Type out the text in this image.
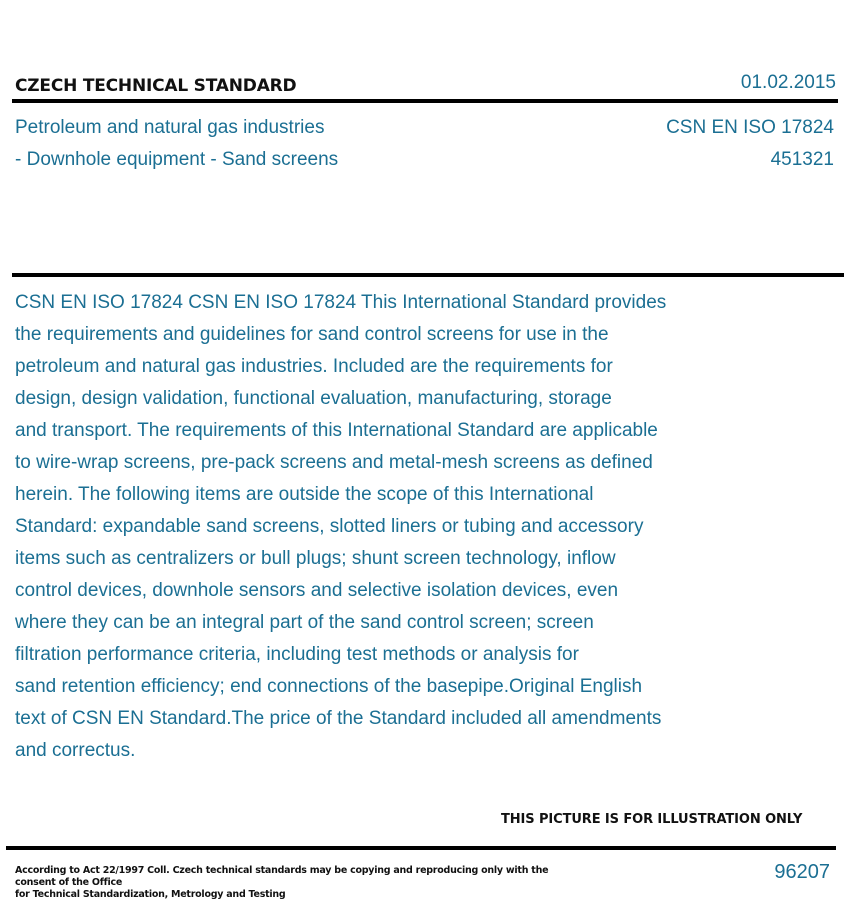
CZECH TECHNICAL STANDARD	01.02.2015
Petroleum and natural gas industries
- Downhole equipment - Sand screens
CSN EN ISO 17824
451321
CSN EN ISO 17824 CSN EN ISO 17824 This International Standard provides
the requirements and guidelines for sand control screens for use in the
petroleum and natural gas industries. Included are the requirements for
design, design validation, functional evaluation, manufacturing, storage
and transport. The requirements of this International Standard are applicable
to wire-wrap screens, pre-pack screens and metal-mesh screens as defined
herein. The following items are outside the scope of this International
Standard: expandable sand screens, slotted liners or tubing and accessory
items such as centralizers or bull plugs; shunt screen technology, inflow
control devices, downhole sensors and selective isolation devices, even
where they can be an integral part of the sand control screen; screen
filtration performance criteria, including test methods or analysis for
sand retention efficiency; end connections of the basepipe.Original English
text of CSN EN Standard.The price of the Standard included all amendments
and correctus.
THIS PICTURE IS FOR ILLUSTRATION ONLY
According to Act 22/1997 Coll. Czech technical standards may be copying and reproducing only with the consent of the Office
for Technical Standardization, Metrology and Testing
96207
